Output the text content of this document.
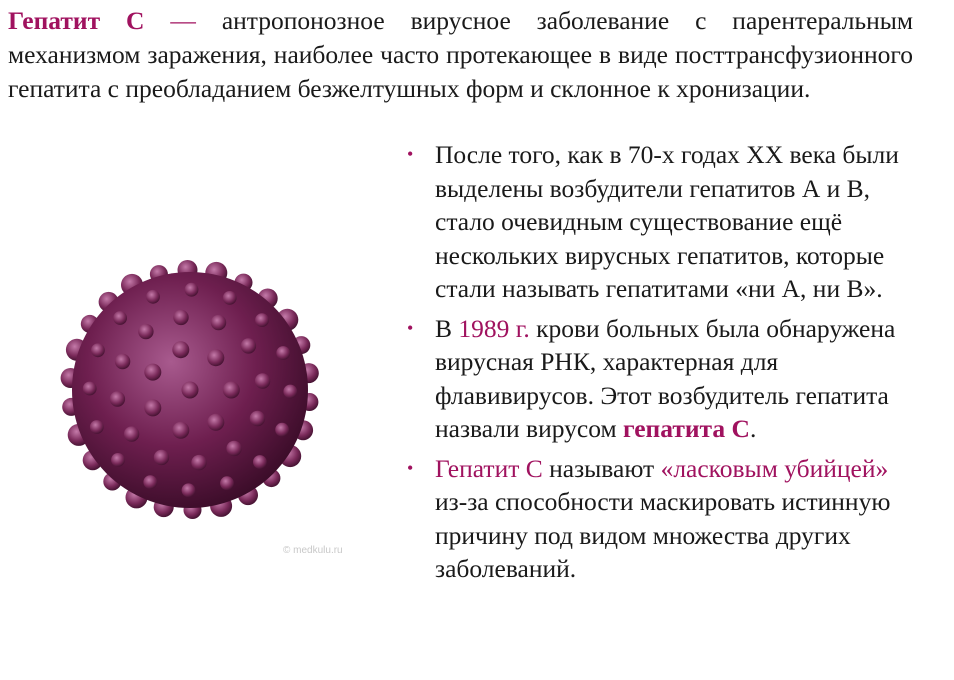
Гепатит С — антропонозное вирусное заболевание с парентеральным механизмом заражения, наиболее часто протекающее в виде посттрансфузионного гепатита с преобладанием безжелтушных форм и склонное к хронизации.
© medkulu.ru
• После того, как в 70-х годах XX века были выделены возбудители гепатитов А и В, стало очевидным существование ещё нескольких вирусных гепатитов, которые стали называть гепатитами «ни А, ни В».
• В 1989 г. крови больных была обнаружена вирусная РНК, характерная для флавивирусов. Этот возбудитель гепатита назвали вирусом гепатита С.
• Гепатит С называют «ласковым убийцей» из-за способности маскировать истинную причину под видом множества других заболеваний.
